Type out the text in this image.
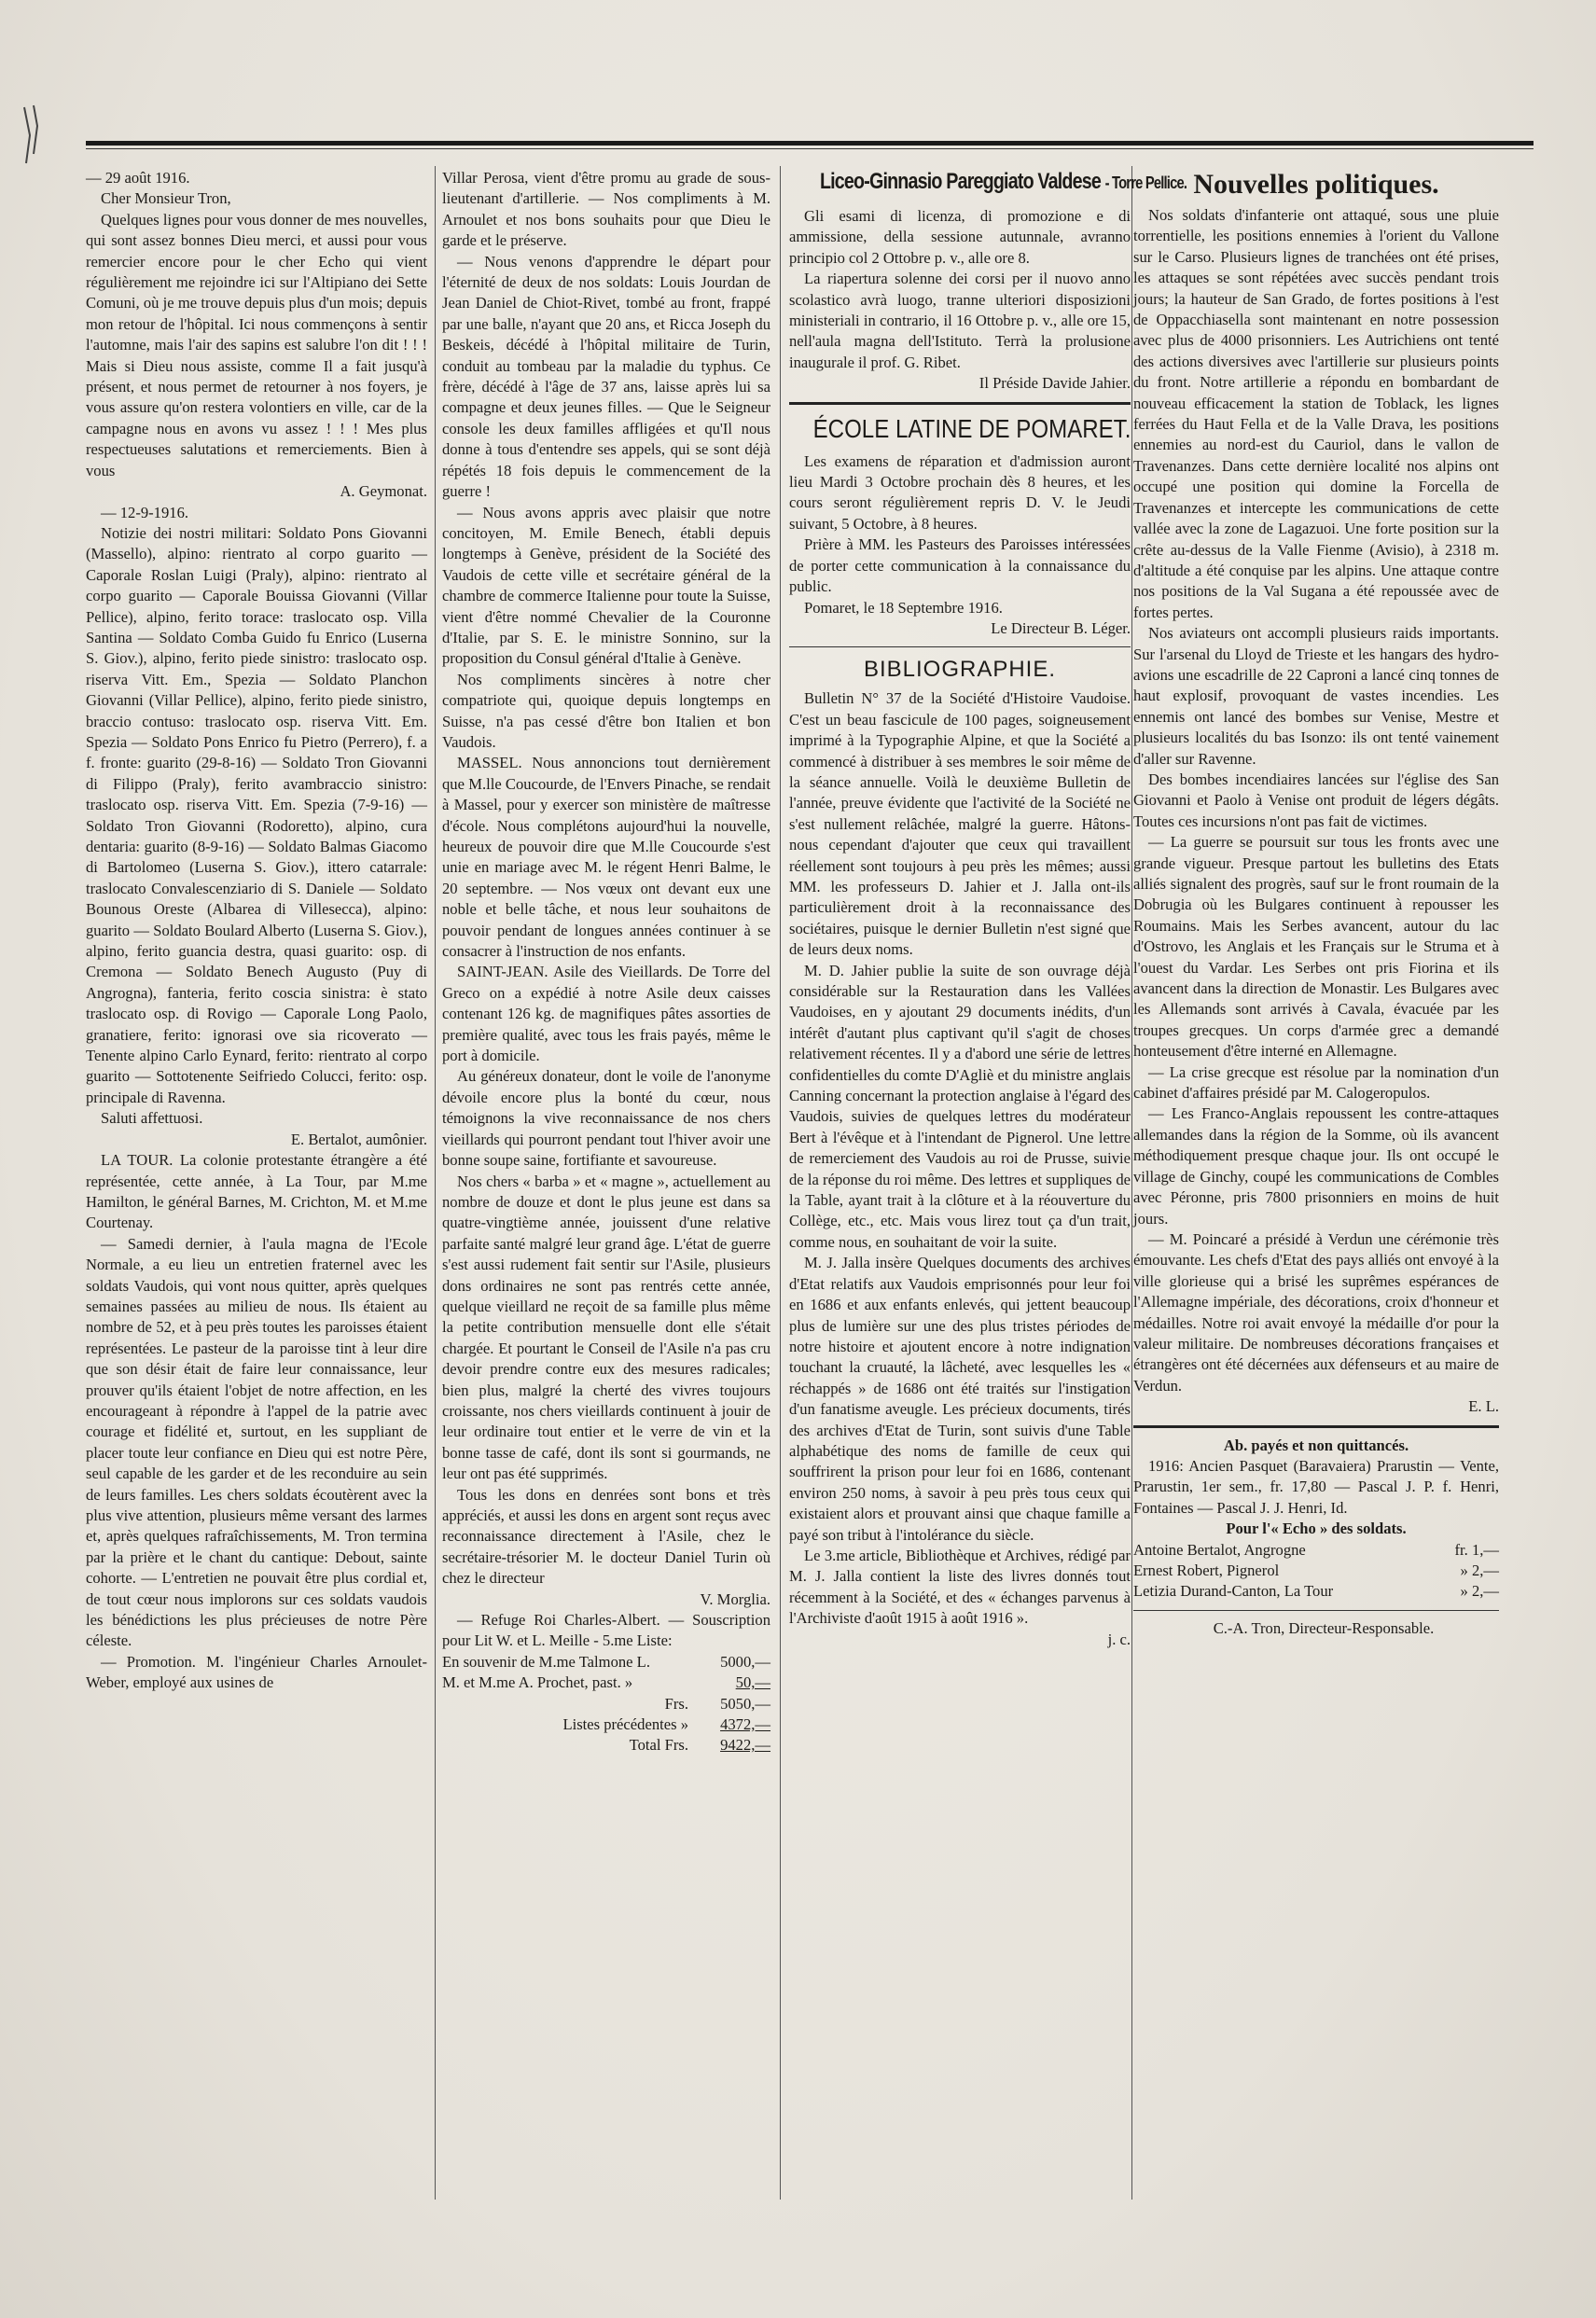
— 29 août 1916.

Cher Monsieur Tron,

Quelques lignes pour vous donner de mes nouvelles, qui sont assez bonnes Dieu merci, et aussi pour vous remercier encore pour le cher Echo qui vient régulièrement me rejoindre ici sur l'Altipiano dei Sette Comuni, où je me trouve depuis plus d'un mois; depuis mon retour de l'hôpital. Ici nous commençons à sentir l'automne, mais l'air des sapins est salubre l'on dit ! ! ! Mais si Dieu nous assiste, comme Il a fait jusqu'à présent, et nous permet de retourner à nos foyers, je vous assure qu'on restera volontiers en ville, car de la campagne nous en avons vu assez ! ! ! Mes plus respectueuses salutations et remerciements. Bien à vous

A. Geymonat.

— 12-9-1916.

Notizie dei nostri militari: Soldato Pons Giovanni (Massello), alpino: rientrato al corpo guarito — Caporale Roslan Luigi (Praly), alpino: rientrato al corpo guarito — Caporale Bouissa Giovanni (Villar Pellice), alpino, ferito torace: traslocato osp. Villa Santina — Soldato Comba Guido fu Enrico (Luserna S. Giov.), alpino, ferito piede sinistro: traslocato osp. riserva Vitt. Em., Spezia — Soldato Planchon Giovanni (Villar Pellice), alpino, ferito piede sinistro, braccio contuso: traslocato osp. riserva Vitt. Em. Spezia — Soldato Pons Enrico fu Pietro (Perrero), f. a f. fronte: guarito (29-8-16) — Soldato Tron Giovanni di Filippo (Praly), ferito avambraccio sinistro: traslocato osp. riserva Vitt. Em. Spezia (7-9-16) — Soldato Tron Giovanni (Rodoretto), alpino, cura dentaria: guarito (8-9-16) — Soldato Balmas Giacomo di Bartolomeo (Luserna S. Giov.), ittero catarrale: traslocato Convalescenziario di S. Daniele — Soldato Bounous Oreste (Albarea di Villesecca), alpino: guarito — Soldato Boulard Alberto (Luserna S. Giov.), alpino, ferito guancia destra, quasi guarito: osp. di Cremona — Soldato Benech Augusto (Puy di Angrogna), fanteria, ferito coscia sinistra: è stato traslocato osp. di Rovigo — Caporale Long Paolo, granatiere, ferito: ignorasi ove sia ricoverato — Tenente alpino Carlo Eynard, ferito: rientrato al corpo guarito — Sottotenente Seifriedo Colucci, ferito: osp. principale di Ravenna.

Saluti affettuosi.

E. Bertalot, aumônier.

LA TOUR. La colonie protestante étrangère a été représentée, cette année, à La Tour, par M.me Hamilton, le général Barnes, M. Crichton, M. et M.me Courtenay.

— Samedi dernier, à l'aula magna de l'Ecole Normale, a eu lieu un entretien fraternel avec les soldats Vaudois, qui vont nous quitter, après quelques semaines passées au milieu de nous. Ils étaient au nombre de 52, et à peu près toutes les paroisses étaient représentées. Le pasteur de la paroisse tint à leur dire que son désir était de faire leur connaissance, leur prouver qu'ils étaient l'objet de notre affection, en les encourageant à répondre à l'appel de la patrie avec courage et fidélité et, surtout, en les suppliant de placer toute leur confiance en Dieu qui est notre Père, seul capable de les garder et de les reconduire au sein de leurs familles. Les chers soldats écoutèrent avec la plus vive attention, plusieurs même versant des larmes et, après quelques rafraîchissements, M. Tron termina par la prière et le chant du cantique: Debout, sainte cohorte. — L'entretien ne pouvait être plus cordial et, de tout cœur nous implorons sur ces soldats vaudois les bénédictions les plus précieuses de notre Père céleste.

— Promotion. M. l'ingénieur Charles Arnoulet-Weber, employé aux usines de

Villar Perosa, vient d'être promu au grade de sous-lieutenant d'artillerie. — Nos compliments à M. Arnoulet et nos bons souhaits pour que Dieu le garde et le préserve.

— Nous venons d'apprendre le départ pour l'éternité de deux de nos soldats: Louis Jourdan de Jean Daniel de Chiot-Rivet, tombé au front, frappé par une balle, n'ayant que 20 ans, et Ricca Joseph du Beskeis, décédé à l'hôpital militaire de Turin, conduit au tombeau par la maladie du typhus. Ce frère, décédé à l'âge de 37 ans, laisse après lui sa compagne et deux jeunes filles. — Que le Seigneur console les deux familles affligées et qu'Il nous donne à tous d'entendre ses appels, qui se sont déjà répétés 18 fois depuis le commencement de la guerre !

— Nous avons appris avec plaisir que notre concitoyen, M. Emile Benech, établi depuis longtemps à Genève, président de la Société des Vaudois de cette ville et secrétaire général de la chambre de commerce Italienne pour toute la Suisse, vient d'être nommé Chevalier de la Couronne d'Italie, par S. E. le ministre Sonnino, sur la proposition du Consul général d'Italie à Genève.

Nos compliments sincères à notre cher compatriote qui, quoique depuis longtemps en Suisse, n'a pas cessé d'être bon Italien et bon Vaudois.

MASSEL. Nous annoncions tout dernièrement que M.lle Coucourde, de l'Envers Pinache, se rendait à Massel, pour y exercer son ministère de maîtresse d'école. Nous complétons aujourd'hui la nouvelle, heureux de pouvoir dire que M.lle Coucourde s'est unie en mariage avec M. le régent Henri Balme, le 20 septembre. — Nos vœux ont devant eux une noble et belle tâche, et nous leur souhaitons de pouvoir pendant de longues années continuer à se consacrer à l'instruction de nos enfants.

SAINT-JEAN. Asile des Vieillards. De Torre del Greco on a expédié à notre Asile deux caisses contenant 126 kg. de magnifiques pâtes assorties de première qualité, avec tous les frais payés, même le port à domicile.

Au généreux donateur, dont le voile de l'anonyme dévoile encore plus la bonté du cœur, nous témoignons la vive reconnaissance de nos chers vieillards qui pourront pendant tout l'hiver avoir une bonne soupe saine, fortifiante et savoureuse.

Nos chers « barba » et « magne », actuellement au nombre de douze et dont le plus jeune est dans sa quatre-vingtième année, jouissent d'une relative parfaite santé malgré leur grand âge. L'état de guerre s'est aussi rudement fait sentir sur l'Asile, plusieurs dons ordinaires ne sont pas rentrés cette année, quelque vieillard ne reçoit de sa famille plus même la petite contribution mensuelle dont elle s'était chargée. Et pourtant le Conseil de l'Asile n'a pas cru devoir prendre contre eux des mesures radicales; bien plus, malgré la cherté des vivres toujours croissante, nos chers vieillards continuent à jouir de leur ordinaire tout entier et le verre de vin et la bonne tasse de café, dont ils sont si gourmands, ne leur ont pas été supprimés.

Tous les dons en denrées sont bons et très appréciés, et aussi les dons en argent sont reçus avec reconnaissance directement à l'Asile, chez le secrétaire-trésorier M. le docteur Daniel Turin où chez le directeur

V. Morglia.

— Refuge Roi Charles-Albert. — Souscription pour Lit W. et L. Meille - 5.me Liste:

En souvenir de M.me Talmone L.	5000,—
M. et M.me A. Prochet, past. »	50,—
Frs.	5050,—
Listes précédentes »	4372,—
Total Frs.	9422,—
Liceo-Ginnasio Pareggiato Valdese - Torre Pellice.

Gli esami di licenza, di promozione e di ammissione, della sessione autunnale, avranno principio col 2 Ottobre p. v., alle ore 8.

La riapertura solenne dei corsi per il nuovo anno scolastico avrà luogo, tranne ulteriori disposizioni ministeriali in contrario, il 16 Ottobre p. v., alle ore 15, nell'aula magna dell'Istituto. Terrà la prolusione inaugurale il prof. G. Ribet.

Il Préside Davide Jahier.

ÉCOLE LATINE DE POMARET.

Les examens de réparation et d'admission auront lieu Mardi 3 Octobre prochain dès 8 heures, et les cours seront régulièrement repris D. V. le Jeudi suivant, 5 Octobre, à 8 heures.

Prière à MM. les Pasteurs des Paroisses intéressées de porter cette communication à la connaissance du public.

Pomaret, le 18 Septembre 1916.

Le Directeur B. Léger.

BIBLIOGRAPHIE.

Bulletin N° 37 de la Société d'Histoire Vaudoise. C'est un beau fascicule de 100 pages, soigneusement imprimé à la Typographie Alpine, et que la Société a commencé à distribuer à ses membres le soir même de la séance annuelle. Voilà le deuxième Bulletin de l'année, preuve évidente que l'activité de la Société ne s'est nullement relâchée, malgré la guerre. Hâtons-nous cependant d'ajouter que ceux qui travaillent réellement sont toujours à peu près les mêmes; aussi MM. les professeurs D. Jahier et J. Jalla ont-ils particulièrement droit à la reconnaissance des sociétaires, puisque le dernier Bulletin n'est signé que de leurs deux noms.

M. D. Jahier publie la suite de son ouvrage déjà considérable sur la Restauration dans les Vallées Vaudoises, en y ajoutant 29 documents inédits, d'un intérêt d'autant plus captivant qu'il s'agit de choses relativement récentes. Il y a d'abord une série de lettres confidentielles du comte D'Agliè et du ministre anglais Canning concernant la protection anglaise à l'égard des Vaudois, suivies de quelques lettres du modérateur Bert à l'évêque et à l'intendant de Pignerol. Une lettre de remerciement des Vaudois au roi de Prusse, suivie de la réponse du roi même. Des lettres et suppliques de la Table, ayant trait à la clôture et à la réouverture du Collège, etc., etc. Mais vous lirez tout ça d'un trait, comme nous, en souhaitant de voir la suite.

M. J. Jalla insère Quelques documents des archives d'Etat relatifs aux Vaudois emprisonnés pour leur foi en 1686 et aux enfants enlevés, qui jettent beaucoup plus de lumière sur une des plus tristes périodes de notre histoire et ajoutent encore à notre indignation touchant la cruauté, la lâcheté, avec lesquelles les « réchappés » de 1686 ont été traités sur l'instigation d'un fanatisme aveugle. Les précieux documents, tirés des archives d'Etat de Turin, sont suivis d'une Table alphabétique des noms de famille de ceux qui souffrirent la prison pour leur foi en 1686, contenant environ 250 noms, à savoir à peu près tous ceux qui existaient alors et prouvant ainsi que chaque famille a payé son tribut à l'intolérance du siècle.

Le 3.me article, Bibliothèque et Archives, rédigé par M. J. Jalla contient la liste des livres donnés tout récemment à la Société, et des « échanges parvenus à l'Archiviste d'août 1915 à août 1916 ».

j. c.

Nouvelles politiques.

Nos soldats d'infanterie ont attaqué, sous une pluie torrentielle, les positions ennemies à l'orient du Vallone sur le Carso. Plusieurs lignes de tranchées ont été prises, les attaques se sont répétées avec succès pendant trois jours; la hauteur de San Grado, de fortes positions à l'est de Oppacchiasella sont maintenant en notre possession avec plus de 4000 prisonniers. Les Autrichiens ont tenté des actions diversives avec l'artillerie sur plusieurs points du front. Notre artillerie a répondu en bombardant de nouveau efficacement la station de Toblack, les lignes ferrées du Haut Fella et de la Valle Drava, les positions ennemies au nord-est du Cauriol, dans le vallon de Travenanzes. Dans cette dernière localité nos alpins ont occupé une position qui domine la Forcella de Travenanzes et intercepte les communications de cette vallée avec la zone de Lagazuoi. Une forte position sur la crête au-dessus de la Valle Fienme (Avisio), à 2318 m. d'altitude a été conquise par les alpins. Une attaque contre nos positions de la Val Sugana a été repoussée avec de fortes pertes.

Nos aviateurs ont accompli plusieurs raids importants. Sur l'arsenal du Lloyd de Trieste et les hangars des hydro-avions une escadrille de 22 Caproni a lancé cinq tonnes de haut explosif, provoquant de vastes incendies. Les ennemis ont lancé des bombes sur Venise, Mestre et plusieurs localités du bas Isonzo: ils ont tenté vainement d'aller sur Ravenne.

Des bombes incendiaires lancées sur l'église des San Giovanni et Paolo à Venise ont produit de légers dégâts. Toutes ces incursions n'ont pas fait de victimes.

— La guerre se poursuit sur tous les fronts avec une grande vigueur. Presque partout les bulletins des Etats alliés signalent des progrès, sauf sur le front roumain de la Dobrugia où les Bulgares continuent à repousser les Roumains. Mais les Serbes avancent, autour du lac d'Ostrovo, les Anglais et les Français sur le Struma et à l'ouest du Vardar. Les Serbes ont pris Fiorina et ils avancent dans la direction de Monastir. Les Bulgares avec les Allemands sont arrivés à Cavala, évacuée par les troupes grecques. Un corps d'armée grec a demandé honteusement d'être interné en Allemagne.

— La crise grecque est résolue par la nomination d'un cabinet d'affaires présidé par M. Calogeropulos.

— Les Franco-Anglais repoussent les contre-attaques allemandes dans la région de la Somme, où ils avancent méthodiquement presque chaque jour. Ils ont occupé le village de Ginchy, coupé les communications de Combles avec Péronne, pris 7800 prisonniers en moins de huit jours.

— M. Poincaré a présidé à Verdun une cérémonie très émouvante. Les chefs d'Etat des pays alliés ont envoyé à la ville glorieuse qui a brisé les suprêmes espérances de l'Allemagne impériale, des décorations, croix d'honneur et médailles. Notre roi avait envoyé la médaille d'or pour la valeur militaire. De nombreuses décorations françaises et étrangères ont été décernées aux défenseurs et au maire de Verdun.

E. L.

Ab. payés et non quittancés.

1916: Ancien Pasquet (Baravaiera) Prarustin — Vente, Prarustin, 1er sem., fr. 17,80 — Pascal J. P. f. Henri, Fontaines — Pascal J. J. Henri, Id.

Pour l'« Echo » des soldats.
Antoine Bertalot, Angrogne	fr. 1,—
Ernest Robert, Pignerol	» 2,—
Letizia Durand-Canton, La Tour	» 2,—

C.-A. Tron, Directeur-Responsable.
